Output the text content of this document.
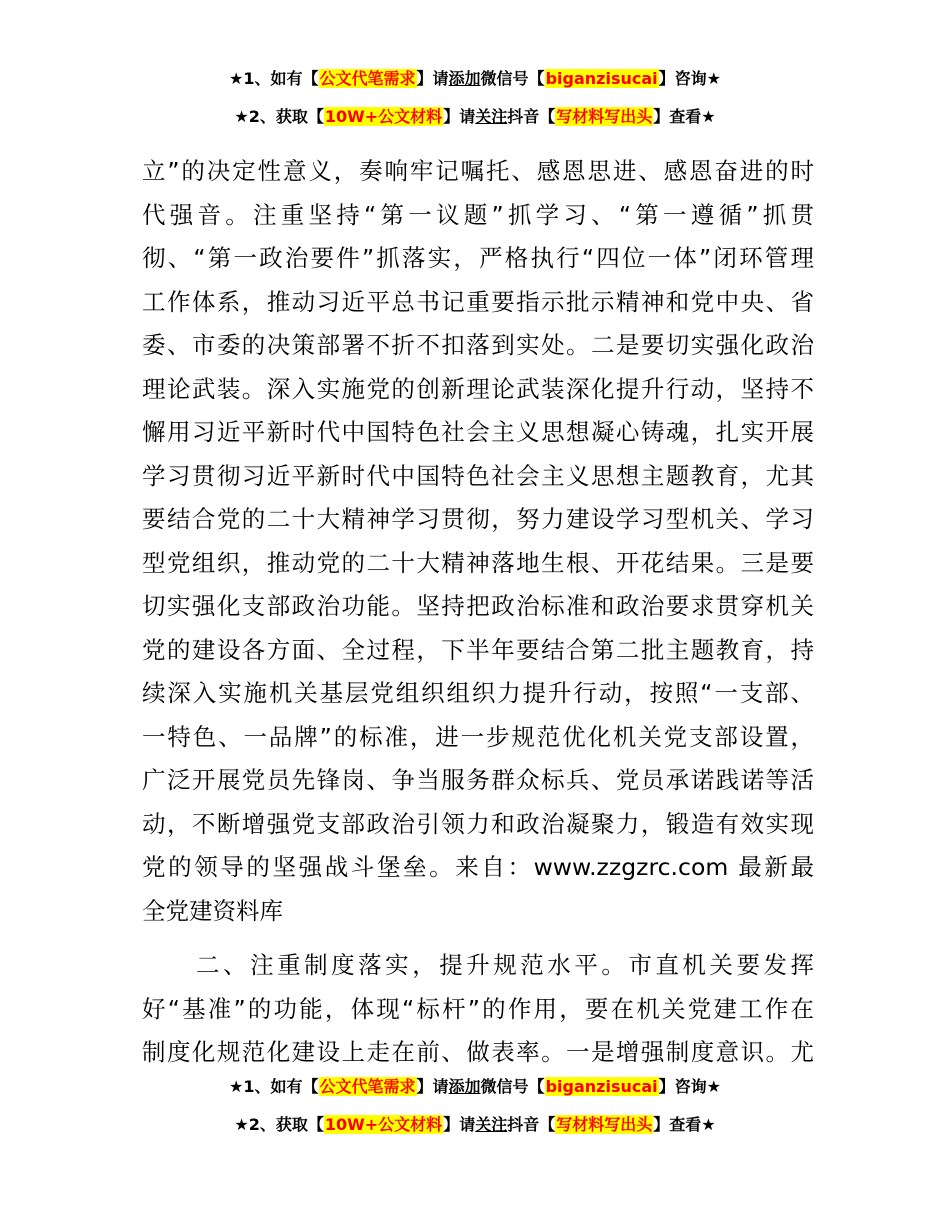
★1、如有【公文代笔需求】请添加微信号【biganzisucai】咨询★
★2、获取【10W+公文材料】请关注抖音【写材料写出头】查看★
立”的决定性意义，奏响牢记嘱托、感恩思进、感恩奋进的时
代强音。注重坚持“第一议题”抓学习、“第一遵循”抓贯
彻、“第一政治要件”抓落实，严格执行“四位一体”闭环管理
工作体系，推动习近平总书记重要指示批示精神和党中央、省
委、市委的决策部署不折不扣落到实处。二是要切实强化政治
理论武装。深入实施党的创新理论武装深化提升行动，坚持不
懈用习近平新时代中国特色社会主义思想凝心铸魂，扎实开展
学习贯彻习近平新时代中国特色社会主义思想主题教育，尤其
要结合党的二十大精神学习贯彻，努力建设学习型机关、学习
型党组织，推动党的二十大精神落地生根、开花结果。三是要
切实强化支部政治功能。坚持把政治标准和政治要求贯穿机关
党的建设各方面、全过程，下半年要结合第二批主题教育，持
续深入实施机关基层党组织组织力提升行动，按照“一支部、
一特色、一品牌”的标准，进一步规范优化机关党支部设置，
广泛开展党员先锋岗、争当服务群众标兵、党员承诺践诺等活
动，不断增强党支部政治引领力和政治凝聚力，锻造有效实现
党的领导的坚强战斗堡垒。来自：www.zzgzrc.com 最新最
全党建资料库
　　二、注重制度落实，提升规范水平。市直机关要发挥
好“基准”的功能，体现“标杆”的作用，要在机关党建工作在
制度化规范化建设上走在前、做表率。一是增强制度意识。尤
★1、如有【公文代笔需求】请添加微信号【biganzisucai】咨询★
★2、获取【10W+公文材料】请关注抖音【写材料写出头】查看★
